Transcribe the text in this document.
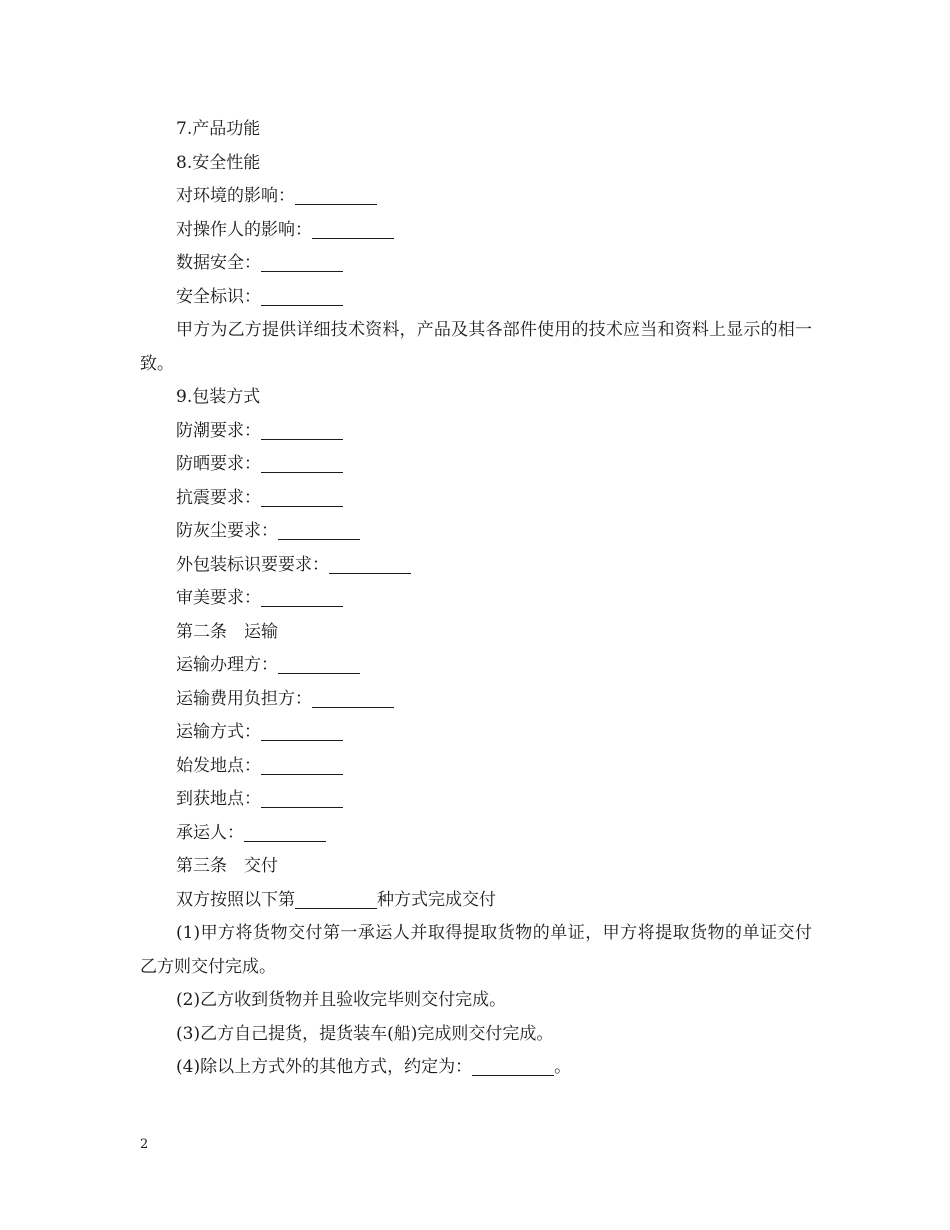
7.产品功能
8.安全性能
对环境的影响：
对操作人的影响：
数据安全：
安全标识：
甲方为乙方提供详细技术资料，产品及其各部件使用的技术应当和资料上显示的相一致。
9.包装方式
防潮要求：
防晒要求：
抗震要求：
防灰尘要求：
外包装标识要要求：
审美要求：
第二条　运输
运输办理方：
运输费用负担方：
运输方式：
始发地点：
到获地点：
承运人：
第三条　交付
双方按照以下第	种方式完成交付
(1)甲方将货物交付第一承运人并取得提取货物的单证，甲方将提取货物的单证交付乙方则交付完成。
(2)乙方收到货物并且验收完毕则交付完成。
(3)乙方自己提货，提货装车(船)完成则交付完成。
(4)除以上方式外的其他方式，约定为：	。
2
